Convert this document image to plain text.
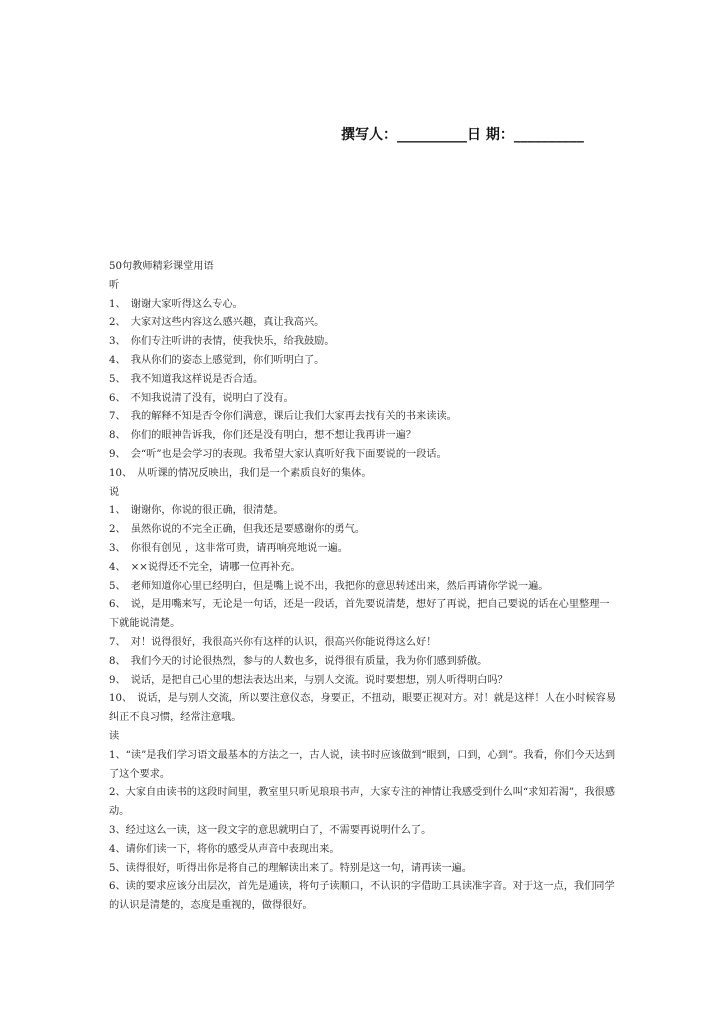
撰写人：__________日 期：__________
50句教师精彩课堂用语
听
1、　谢谢大家听得这么专心。
2、　大家对这些内容这么感兴趣，真让我高兴。
3、　你们专注听讲的表情，使我快乐，给我鼓励。
4、　我从你们的姿态上感觉到，你们听明白了。
5、　我不知道我这样说是否合适。
6、　不知我说清了没有，说明白了没有。
7、　我的解释不知是否令你们满意，课后让我们大家再去找有关的书来读读。
8、　你们的眼神告诉我，你们还是没有明白，想不想让我再讲一遍？
9、　会“听”也是会学习的表现。我希望大家认真听好我下面要说的一段话。
10、　从听课的情况反映出，我们是一个素质良好的集体。
说
1、　谢谢你，你说的很正确，很清楚。
2、　虽然你说的不完全正确，但我还是要感谢你的勇气。
3、　你很有创见 ，这非常可贵，请再响亮地说一遍。
4、　××说得还不完全，请哪一位再补充。
5、　老师知道你心里已经明白，但是嘴上说不出，我把你的意思转述出来，然后再请你学说一遍。
6、　说，是用嘴来写，无论是一句话，还是一段话，首先要说清楚，想好了再说，把自己要说的话在心里整理一下就能说清楚。
7、　对！说得很好，我很高兴你有这样的认识，很高兴你能说得这么好！
8、　我们今天的讨论很热烈，参与的人数也多，说得很有质量，我为你们感到骄傲。
9、　说话，是把自己心里的想法表达出来，与别人交流。说时要想想，别人听得明白吗？
10、　说话，是与别人交流，所以要注意仪态，身要正，不扭动，眼要正视对方。对！就是这样！人在小时候容易纠正不良习惯，经常注意哦。
读
1、“读”是我们学习语文最基本的方法之一，古人说，读书时应该做到“眼到，口到，心到”。我看，你们今天达到了这个要求。
2、大家自由读书的这段时间里，教室里只听见琅琅书声，大家专注的神情让我感受到什么叫“求知若渴”，我很感动。
3、经过这么一读，这一段文字的意思就明白了，不需要再说明什么了。
4、请你们读一下，将你的感受从声音中表现出来。
5、读得很好，听得出你是将自己的理解读出来了。特别是这一句，请再读一遍。
6、读的要求应该分出层次，首先是通读，将句子读顺口，不认识的字借助工具读准字音。对于这一点，我们同学的认识是清楚的，态度是重视的，做得很好。
